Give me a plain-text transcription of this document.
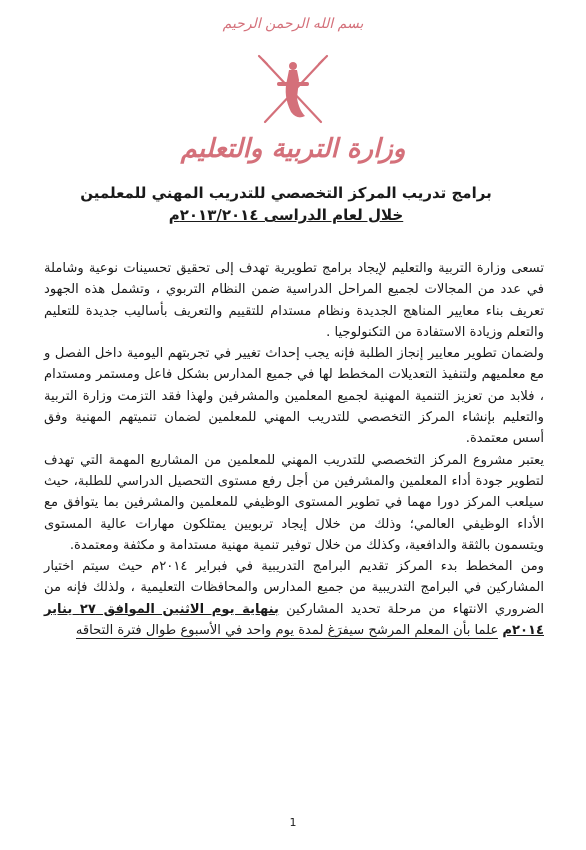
بسم الله الرحمن الرحيم
وزارة التربية والتعليم
برامج تدريب المركز التخصصي للتدريب المهني للمعلمين
خلال لعام الدراسى ٢٠١٣/٢٠١٤م

تسعى وزارة التربية والتعليم لإيجاد برامج تطويرية تهدف إلى تحقيق تحسينات نوعية وشاملة في عدد من المجالات لجميع المراحل الدراسية ضمن النظام التربوي ، وتشمل هذه الجهود تعريف بناء معايير المناهج الجديدة ونظام مستدام للتقييم والتعريف بأساليب جديدة للتعليم والتعلم وزيادة الاستفادة من التكنولوجيا .

ولضمان تطوير معايير إنجاز الطلبة فإنه يجب إحداث تغيير في تجربتهم اليومية داخل الفصل و مع معلميهم ولتنفيذ التعديلات المخطط لها في جميع المدارس بشكل فاعل ومستمر ومستدام ، فلابد من تعزيز التنمية المهنية لجميع المعلمين والمشرفين ولهذا فقد التزمت وزارة التربية والتعليم بإنشاء المركز التخصصي للتدريب المهني للمعلمين لضمان تنميتهم المهنية وفق أسس معتمدة.

يعتبر مشروع المركز التخصصي للتدريب المهني للمعلمين من المشاريع المهمة التي تهدف لتطوير جودة أداء المعلمين والمشرفين من أجل رفع مستوى التحصيل الدراسي للطلبة، حيث سيلعب المركز دورا مهما في تطوير المستوى الوظيفي للمعلمين والمشرفين بما يتوافق مع الأداء الوظيفي العالمي؛ وذلك من خلال إيجاد تربويين يمتلكون مهارات عالية المستوى ويتسمون بالثقة والدافعية، وكذلك من خلال توفير تنمية مهنية مستدامة و مكثفة ومعتمدة.

ومن المخطط بدء المركز تقديم البرامج التدريبية في فبراير ٢٠١٤م حيث سيتم اختيار المشاركين في البرامج التدريبية من جميع المدارس والمحافظات التعليمية ، ولذلك فإنه من الضروري الانتهاء من مرحلة تحديد المشاركين بنهاية يوم الاثنين الموافق ٢٧ يناير ٢٠١٤م علما بأن المعلم المرشح سيفرَغ لمدة يوم واحد في الأسبوع طوال فترة التحاقه

1
